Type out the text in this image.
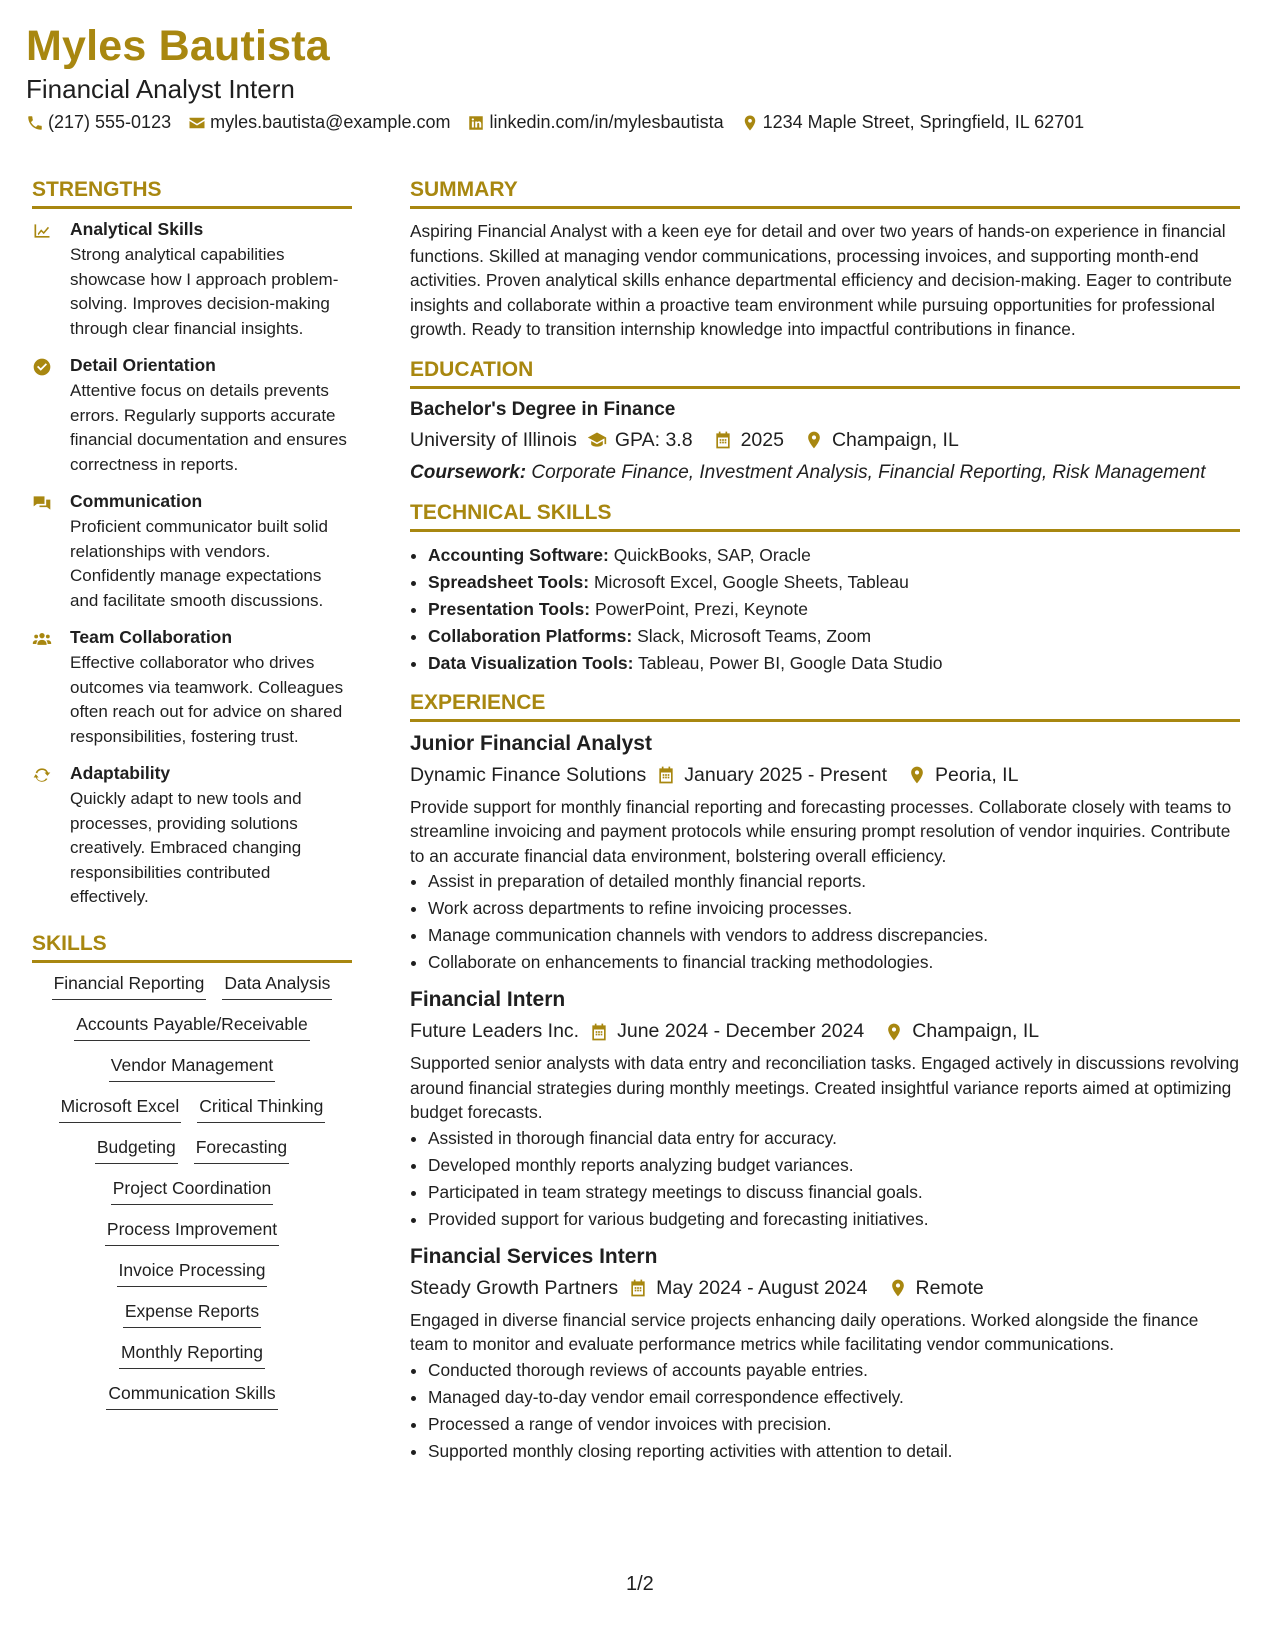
Myles Bautista
Financial Analyst Intern
(217) 555-0123 myles.bautista@example.com linkedin.com/in/mylesbautista 1234 Maple Street, Springfield, IL 62701
STRENGTHS
Analytical Skills
Strong analytical capabilities showcase how I approach problem-solving. Improves decision-making through clear financial insights.
Detail Orientation
Attentive focus on details prevents errors. Regularly supports accurate financial documentation and ensures correctness in reports.
Communication
Proficient communicator built solid relationships with vendors. Confidently manage expectations and facilitate smooth discussions.
Team Collaboration
Effective collaborator who drives outcomes via teamwork. Colleagues often reach out for advice on shared responsibilities, fostering trust.
Adaptability
Quickly adapt to new tools and processes, providing solutions creatively. Embraced changing responsibilities contributed effectively.
SKILLS
Financial Reporting Data Analysis
Accounts Payable/Receivable
Vendor Management
Microsoft Excel Critical Thinking
Budgeting Forecasting
Project Coordination
Process Improvement
Invoice Processing
Expense Reports
Monthly Reporting
Communication Skills
SUMMARY
Aspiring Financial Analyst with a keen eye for detail and over two years of hands-on experience in financial functions. Skilled at managing vendor communications, processing invoices, and supporting month-end activities. Proven analytical skills enhance departmental efficiency and decision-making. Eager to contribute insights and collaborate within a proactive team environment while pursuing opportunities for professional growth. Ready to transition internship knowledge into impactful contributions in finance.
EDUCATION
Bachelor's Degree in Finance
University of Illinois GPA: 3.8 2025 Champaign, IL
Coursework: Corporate Finance, Investment Analysis, Financial Reporting, Risk Management
TECHNICAL SKILLS
• Accounting Software: QuickBooks, SAP, Oracle
• Spreadsheet Tools: Microsoft Excel, Google Sheets, Tableau
• Presentation Tools: PowerPoint, Prezi, Keynote
• Collaboration Platforms: Slack, Microsoft Teams, Zoom
• Data Visualization Tools: Tableau, Power BI, Google Data Studio
EXPERIENCE
Junior Financial Analyst
Dynamic Finance Solutions January 2025 - Present Peoria, IL
Provide support for monthly financial reporting and forecasting processes. Collaborate closely with teams to streamline invoicing and payment protocols while ensuring prompt resolution of vendor inquiries. Contribute to an accurate financial data environment, bolstering overall efficiency.
• Assist in preparation of detailed monthly financial reports.
• Work across departments to refine invoicing processes.
• Manage communication channels with vendors to address discrepancies.
• Collaborate on enhancements to financial tracking methodologies.
Financial Intern
Future Leaders Inc. June 2024 - December 2024 Champaign, IL
Supported senior analysts with data entry and reconciliation tasks. Engaged actively in discussions revolving around financial strategies during monthly meetings. Created insightful variance reports aimed at optimizing budget forecasts.
• Assisted in thorough financial data entry for accuracy.
• Developed monthly reports analyzing budget variances.
• Participated in team strategy meetings to discuss financial goals.
• Provided support for various budgeting and forecasting initiatives.
Financial Services Intern
Steady Growth Partners May 2024 - August 2024 Remote
Engaged in diverse financial service projects enhancing daily operations. Worked alongside the finance team to monitor and evaluate performance metrics while facilitating vendor communications.
• Conducted thorough reviews of accounts payable entries.
• Managed day-to-day vendor email correspondence effectively.
• Processed a range of vendor invoices with precision.
• Supported monthly closing reporting activities with attention to detail.
1/2
